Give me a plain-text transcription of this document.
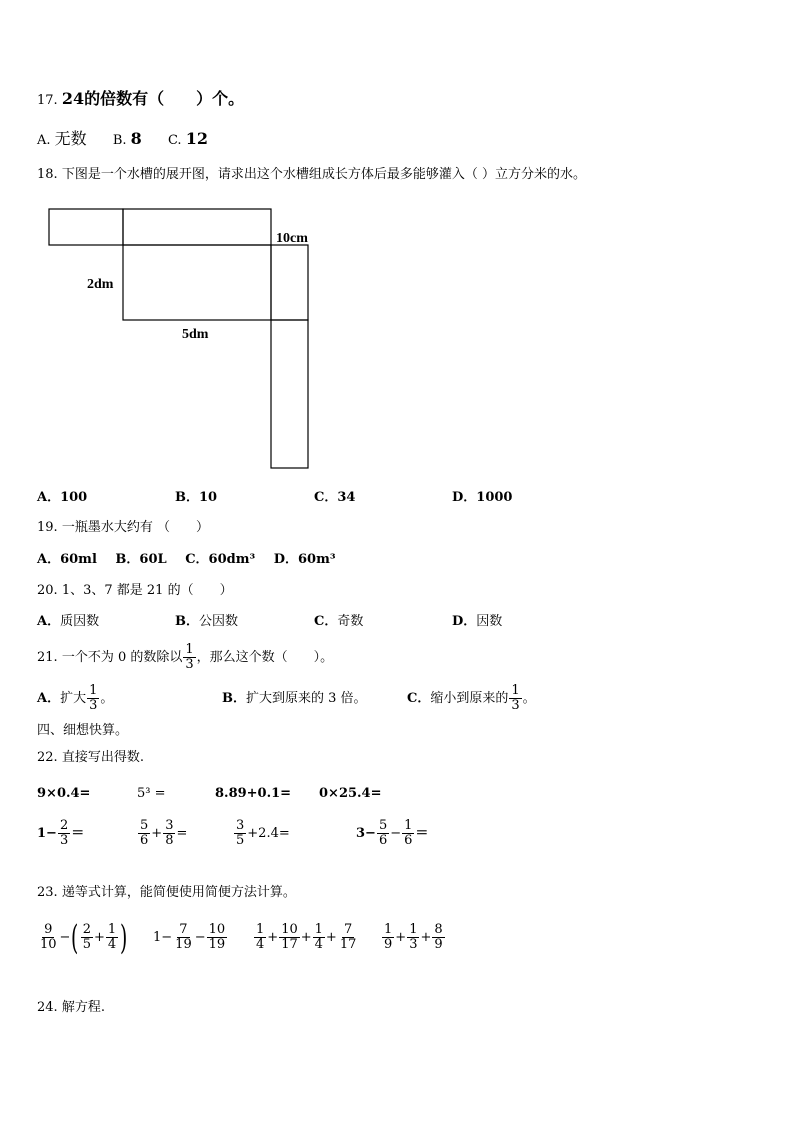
17. 24的倍数有（　　）个。
A. 无数 B. 8 C. 12
18. 下图是一个水槽的展开图，请求出这个水槽组成长方体后最多能够灌入（ ）立方分米的水。
10cm
2dm
5dm
A．100	B．10	C．34	D．1000
19. 一瓶墨水大约有 （　　）
A．60ml B．60L C．60dm³ D．60m³
20. 1、3、7 都是 21 的（　　）
A．质因数	B．公因数	C．奇数	D．因数
21. 一个不为 0 的数除以 $\frac{1}{3}$ ，那么这个数（　　）。
A．扩大 $\frac{1}{3}$ 。	B．扩大到原来的 3 倍。	C．缩小到原来的 $\frac{1}{3}$ 。
四、细想快算。
22. 直接写出得数.
9×0.4=	5³ =	8.89+0.1= 0×25.4=
$1- \frac{2}{3}$ ＝	$\frac{5}{6} + \frac{3}{8}$ =	$\frac{3}{5} +2.4=$	$3- \frac{5}{6} - \frac{1}{6}$ ＝
23. 递等式计算，能简便使用简便方法计算。
$\frac{9}{10}$ −( $\frac{2}{5} + \frac{1}{4}$ ) $1- \frac{7}{19} - \frac{10}{19} \frac{1}{4} + \frac{10}{17} + \frac{1}{4} + \frac{7}{17} \frac{1}{9} + \frac{1}{3} + \frac{8}{9}$
24. 解方程.
